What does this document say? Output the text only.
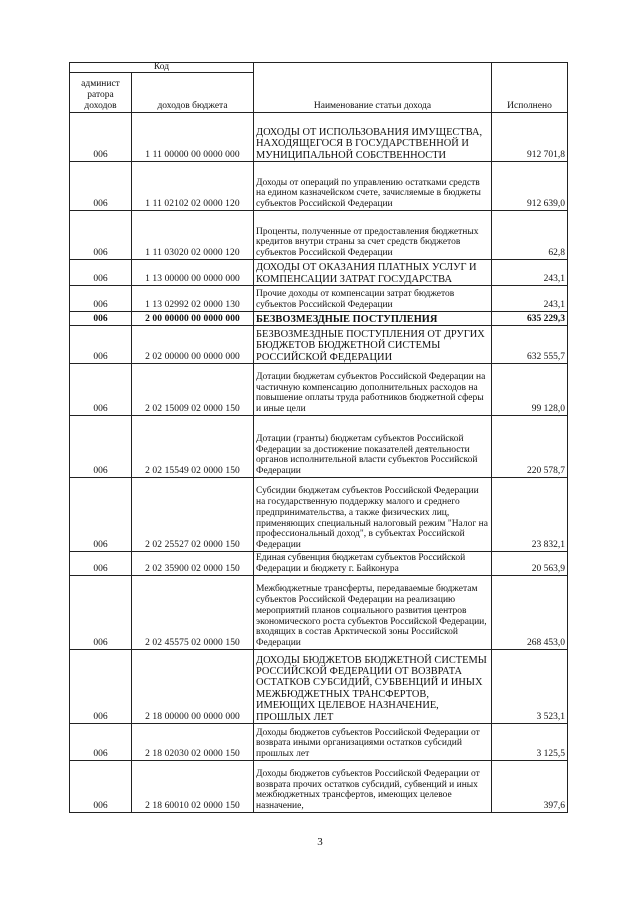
Код		Наименование статьи дохода	Исполнено
админист ратора доходов	доходов бюджета		
006	1 11 00000 00 0000 000	ДОХОДЫ ОТ ИСПОЛЬЗОВАНИЯ ИМУЩЕСТВА, НАХОДЯЩЕГОСЯ В ГОСУДАРСТВЕННОЙ И МУНИЦИПАЛЬНОЙ СОБСТВЕННОСТИ	912 701,8
006	1 11 02102 02 0000 120	Доходы от операций по управлению остатками средств на едином казначейском счете, зачисляемые в бюджеты субъектов Российской Федерации	912 639,0
006	1 11 03020 02 0000 120	Проценты, полученные от предоставления бюджетных кредитов внутри страны за счет средств бюджетов субъектов Российской Федерации	62,8
006	1 13 00000 00 0000 000	ДОХОДЫ ОТ ОКАЗАНИЯ ПЛАТНЫХ УСЛУГ И КОМПЕНСАЦИИ ЗАТРАТ ГОСУДАРСТВА	243,1
006	1 13 02992 02 0000 130	Прочие доходы от компенсации затрат бюджетов субъектов Российской Федерации	243,1
006	2 00 00000 00 0000 000	БЕЗВОЗМЕЗДНЫЕ ПОСТУПЛЕНИЯ	635 229,3
006	2 02 00000 00 0000 000	БЕЗВОЗМЕЗДНЫЕ ПОСТУПЛЕНИЯ ОТ ДРУГИХ БЮДЖЕТОВ БЮДЖЕТНОЙ СИСТЕМЫ РОССИЙСКОЙ ФЕДЕРАЦИИ	632 555,7
006	2 02 15009 02 0000 150	Дотации бюджетам субъектов Российской Федерации на частичную компенсацию дополнительных расходов на повышение оплаты труда работников бюджетной сферы и иные цели	99 128,0
006	2 02 15549 02 0000 150	Дотации (гранты) бюджетам субъектов Российской Федерации за достижение показателей деятельности органов исполнительной власти субъектов Российской Федерации	220 578,7
006	2 02 25527 02 0000 150	Субсидии бюджетам субъектов Российской Федерации на государственную поддержку малого и среднего предпринимательства, а также физических лиц, применяющих специальный налоговый режим "Налог на профессиональный доход", в субъектах Российской Федерации	23 832,1
006	2 02 35900 02 0000 150	Единая субвенция бюджетам субъектов Российской Федерации и бюджету г. Байконура	20 563,9
006	2 02 45575 02 0000 150	Межбюджетные трансферты, передаваемые бюджетам субъектов Российской Федерации на реализацию мероприятий планов социального развития центров экономического роста субъектов Российской Федерации, входящих в состав Арктической зоны Российской Федерации	268 453,0
006	2 18 00000 00 0000 000	ДОХОДЫ БЮДЖЕТОВ БЮДЖЕТНОЙ СИСТЕМЫ РОССИЙСКОЙ ФЕДЕРАЦИИ ОТ ВОЗВРАТА ОСТАТКОВ СУБСИДИЙ, СУБВЕНЦИЙ И ИНЫХ МЕЖБЮДЖЕТНЫХ ТРАНСФЕРТОВ, ИМЕЮЩИХ ЦЕЛЕВОЕ НАЗНАЧЕНИЕ, ПРОШЛЫХ ЛЕТ	3 523,1
006	2 18 02030 02 0000 150	Доходы бюджетов субъектов Российской Федерации от возврата иными организациями остатков субсидий прошлых лет	3 125,5
006	2 18 60010 02 0000 150	Доходы бюджетов субъектов Российской Федерации от возврата прочих остатков субсидий, субвенций и иных межбюджетных трансфертов, имеющих целевое назначение,	397,6
3
